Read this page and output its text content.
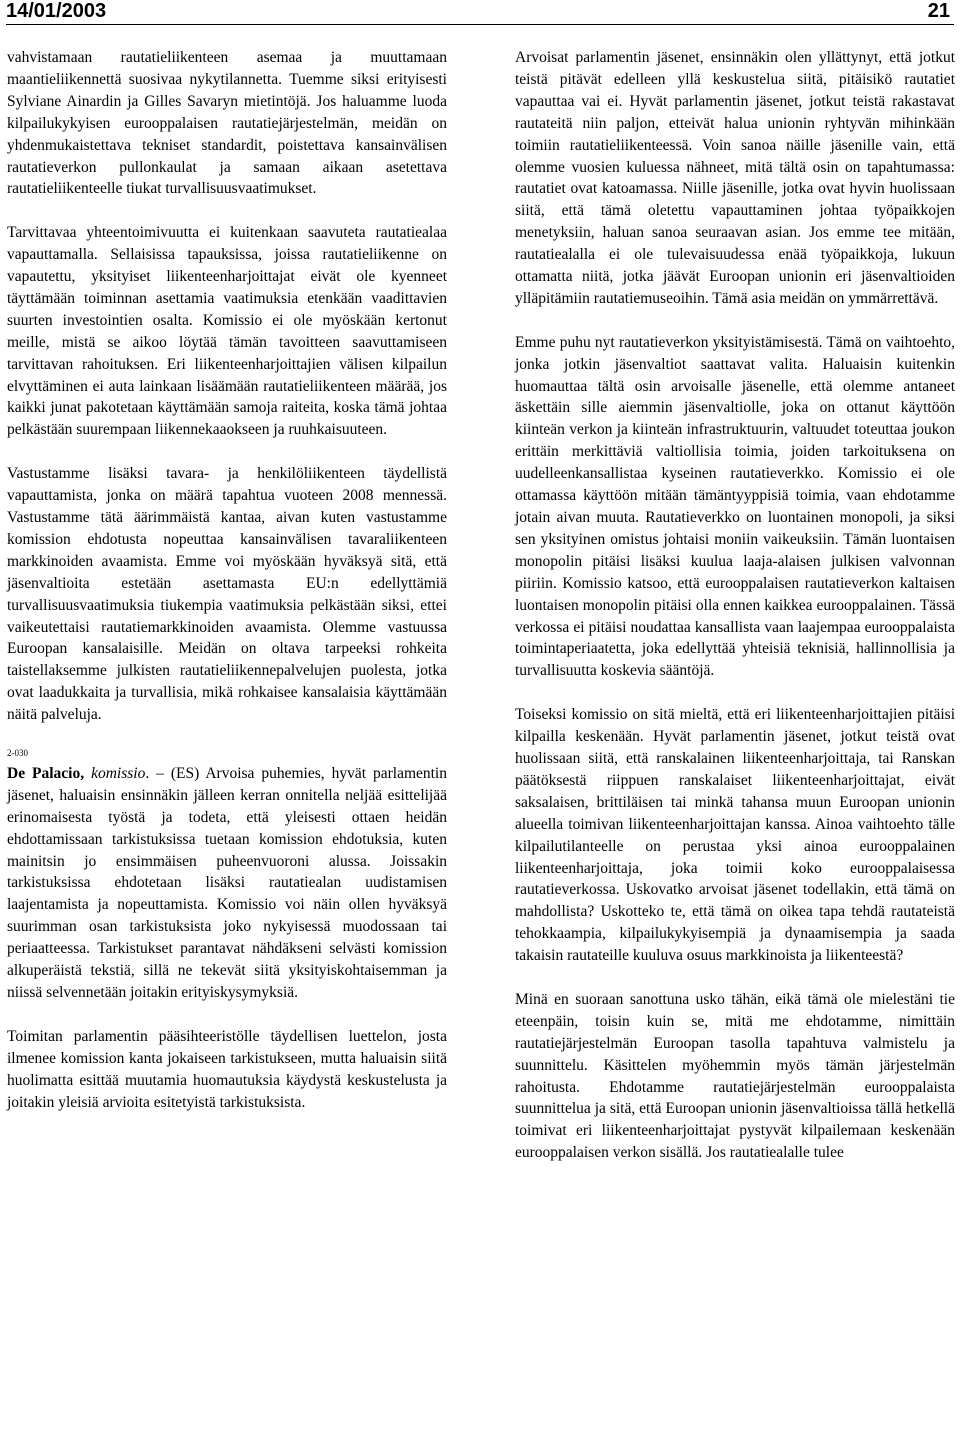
14/01/2003	21

vahvistamaan rautatieliikenteen asemaa ja muuttamaan maantieliikennettä suosivaa nykytilannetta. Tuemme siksi erityisesti Sylviane Ainardin ja Gilles Savaryn mietintöjä. Jos haluamme luoda kilpailukykyisen eurooppalaisen rautatiejärjestelmän, meidän on yhdenmukaistettava tekniset standardit, poistettava kansainvälisen rautatieverkon pullonkaulat ja samaan aikaan asetettava rautatieliikenteelle tiukat turvallisuusvaatimukset.

Tarvittavaa yhteentoimivuutta ei kuitenkaan saavuteta rautatiealaa vapauttamalla. Sellaisissa tapauksissa, joissa rautatieliikenne on vapautettu, yksityiset liikenteenharjoittajat eivät ole kyenneet täyttämään toiminnan asettamia vaatimuksia etenkään vaadittavien suurten investointien osalta. Komissio ei ole myöskään kertonut meille, mistä se aikoo löytää tämän tavoitteen saavuttamiseen tarvittavan rahoituksen. Eri liikenteenharjoittajien välisen kilpailun elvyttäminen ei auta lainkaan lisäämään rautatieliikenteen määrää, jos kaikki junat pakotetaan käyttämään samoja raiteita, koska tämä johtaa pelkästään suurempaan liikennekaaokseen ja ruuhkaisuuteen.

Vastustamme lisäksi tavara- ja henkilöliikenteen täydellistä vapauttamista, jonka on määrä tapahtua vuoteen 2008 mennessä. Vastustamme tätä äärimmäistä kantaa, aivan kuten vastustamme komission ehdotusta nopeuttaa kansainvälisen tavaraliikenteen markkinoiden avaamista. Emme voi myöskään hyväksyä sitä, että jäsenvaltioita estetään asettamasta EU:n edellyttämiä turvallisuusvaatimuksia tiukempia vaatimuksia pelkästään siksi, ettei vaikeutettaisi rautatiemarkkinoiden avaamista. Olemme vastuussa Euroopan kansalaisille. Meidän on oltava tarpeeksi rohkeita taistellaksemme julkisten rautatieliikennepalvelujen puolesta, jotka ovat laadukkaita ja turvallisia, mikä rohkaisee kansalaisia käyttämään näitä palveluja.

2-030

De Palacio, komissio. – (ES) Arvoisa puhemies, hyvät parlamentin jäsenet, haluaisin ensinnäkin jälleen kerran onnitella neljää esittelijää erinomaisesta työstä ja todeta, että yleisesti ottaen heidän ehdottamissaan tarkistuksissa tuetaan komission ehdotuksia, kuten mainitsin jo ensimmäisen puheenvuoroni alussa. Joissakin tarkistuksissa ehdotetaan lisäksi rautatiealan uudistamisen laajentamista ja nopeuttamista. Komissio voi näin ollen hyväksyä suurimman osan tarkistuksista joko nykyisessä muodossaan tai periaatteessa. Tarkistukset parantavat nähdäkseni selvästi komission alkuperäistä tekstiä, sillä ne tekevät siitä yksityiskohtaisemman ja niissä selvennetään joitakin erityiskysymyksiä.

Toimitan parlamentin pääsihteeristölle täydellisen luettelon, josta ilmenee komission kanta jokaiseen tarkistukseen, mutta haluaisin siitä huolimatta esittää muutamia huomautuksia käydystä keskustelusta ja joitakin yleisiä arvioita esitetyistä tarkistuksista.

Arvoisat parlamentin jäsenet, ensinnäkin olen yllättynyt, että jotkut teistä pitävät edelleen yllä keskustelua siitä, pitäisikö rautatiet vapauttaa vai ei. Hyvät parlamentin jäsenet, jotkut teistä rakastavat rautateitä niin paljon, etteivät halua unionin ryhtyvän mihinkään toimiin rautatieliikenteessä. Voin sanoa näille jäsenille vain, että olemme vuosien kuluessa nähneet, mitä tältä osin on tapahtumassa: rautatiet ovat katoamassa. Niille jäsenille, jotka ovat hyvin huolissaan siitä, että tämä oletettu vapauttaminen johtaa työpaikkojen menetyksiin, haluan sanoa seuraavan asian. Jos emme tee mitään, rautatiealalla ei ole tulevaisuudessa enää työpaikkoja, lukuun ottamatta niitä, jotka jäävät Euroopan unionin eri jäsenvaltioiden ylläpitämiin rautatiemuseoihin. Tämä asia meidän on ymmärrettävä.

Emme puhu nyt rautatieverkon yksityistämisestä. Tämä on vaihtoehto, jonka jotkin jäsenvaltiot saattavat valita. Haluaisin kuitenkin huomauttaa tältä osin arvoisalle jäsenelle, että olemme antaneet äskettäin sille aiemmin jäsenvaltiolle, joka on ottanut käyttöön kiinteän verkon ja kiinteän infrastruktuurin, valtuudet toteuttaa joukon erittäin merkittäviä valtiollisia toimia, joiden tarkoituksena on uudelleenkansallistaa kyseinen rautatieverkko. Komissio ei ole ottamassa käyttöön mitään tämäntyyppisiä toimia, vaan ehdotamme jotain aivan muuta. Rautatieverkko on luontainen monopoli, ja siksi sen yksityinen omistus johtaisi moniin vaikeuksiin. Tämän luontaisen monopolin pitäisi lisäksi kuulua laaja-alaisen julkisen valvonnan piiriin. Komissio katsoo, että eurooppalaisen rautatieverkon kaltaisen luontaisen monopolin pitäisi olla ennen kaikkea eurooppalainen. Tässä verkossa ei pitäisi noudattaa kansallista vaan laajempaa eurooppalaista toimintaperiaatetta, joka edellyttää yhteisiä teknisiä, hallinnollisia ja turvallisuutta koskevia sääntöjä.

Toiseksi komissio on sitä mieltä, että eri liikenteenharjoittajien pitäisi kilpailla keskenään. Hyvät parlamentin jäsenet, jotkut teistä ovat huolissaan siitä, että ranskalainen liikenteenharjoittaja, tai Ranskan päätöksestä riippuen ranskalaiset liikenteenharjoittajat, eivät saksalaisen, brittiläisen tai minkä tahansa muun Euroopan unionin alueella toimivan liikenteenharjoittajan kanssa. Ainoa vaihtoehto tälle kilpailutilanteelle on perustaa yksi ainoa eurooppalainen liikenteenharjoittaja, joka toimii koko eurooppalaisessa rautatieverkossa. Uskovatko arvoisat jäsenet todellakin, että tämä on mahdollista? Uskotteko te, että tämä on oikea tapa tehdä rautateistä tehokkaampia, kilpailukykyisempiä ja dynaamisempia ja saada takaisin rautateille kuuluva osuus markkinoista ja liikenteestä?

Minä en suoraan sanottuna usko tähän, eikä tämä ole mielestäni tie eteenpäin, toisin kuin se, mitä me ehdotamme, nimittäin rautatiejärjestelmän Euroopan tasolla tapahtuva valmistelu ja suunnittelu. Käsittelen myöhemmin myös tämän järjestelmän rahoitusta. Ehdotamme rautatiejärjestelmän eurooppalaista suunnittelua ja sitä, että Euroopan unionin jäsenvaltioissa tällä hetkellä toimivat eri liikenteenharjoittajat pystyvät kilpailemaan keskenään eurooppalaisen verkon sisällä. Jos rautatiealalle tulee
